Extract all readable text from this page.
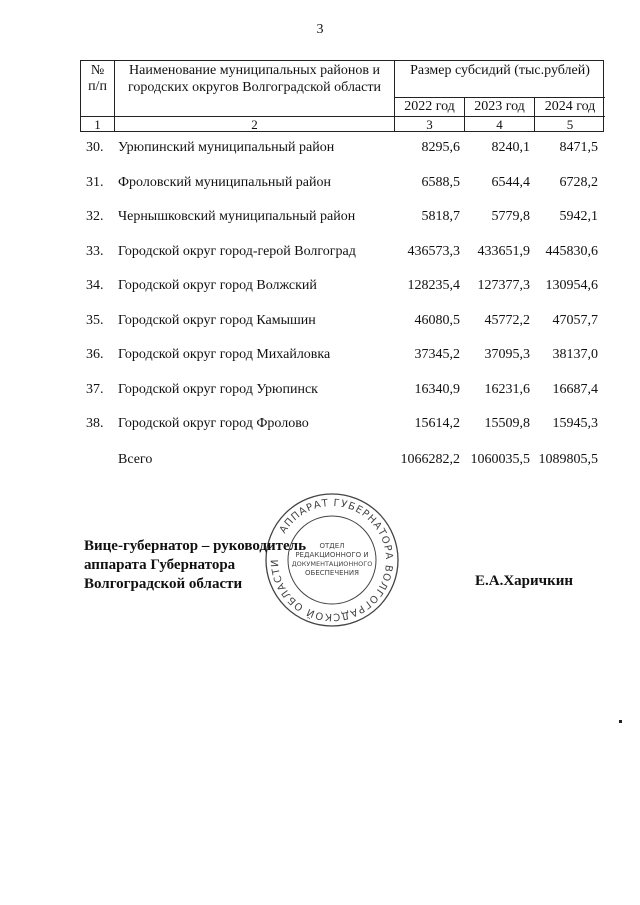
3
№
п/п
Наименование муниципальных районов и городских округов Волгоградской области
Размер субсидий (тыс.рублей)
2022 год	2023 год	2024 год
1	2	3	4	5
30.	Урюпинский муниципальный район	8295,6	8240,1	8471,5
31.	Фроловский муниципальный район	6588,5	6544,4	6728,2
32.	Чернышковский муниципальный район	5818,7	5779,8	5942,1
33.	Городской округ город-герой Волгоград	436573,3	433651,9	445830,6
34.	Городской округ город Волжский	128235,4	127377,3	130954,6
35.	Городской округ город Камышин	46080,5	45772,2	47057,7
36.	Городской округ город Михайловка	37345,2	37095,3	38137,0
37.	Городской округ город Урюпинск	16340,9	16231,6	16687,4
38.	Городской округ город Фролово	15614,2	15509,8	15945,3
Всего	1066282,2 1060035,5 1089805,5
АППАРАТ ГУБЕРНАТОРА ВОЛГОГРАДСКОЙ ОБЛАСТИ
ОТДЕЛ
РЕДАКЦИОННОГО И
ДОКУМЕНТАЦИОННОГО
ОБЕСПЕЧЕНИЯ
Вице-губернатор – руководитель
аппарата Губернатора
Волгоградской области	Е.А.Харичкин
